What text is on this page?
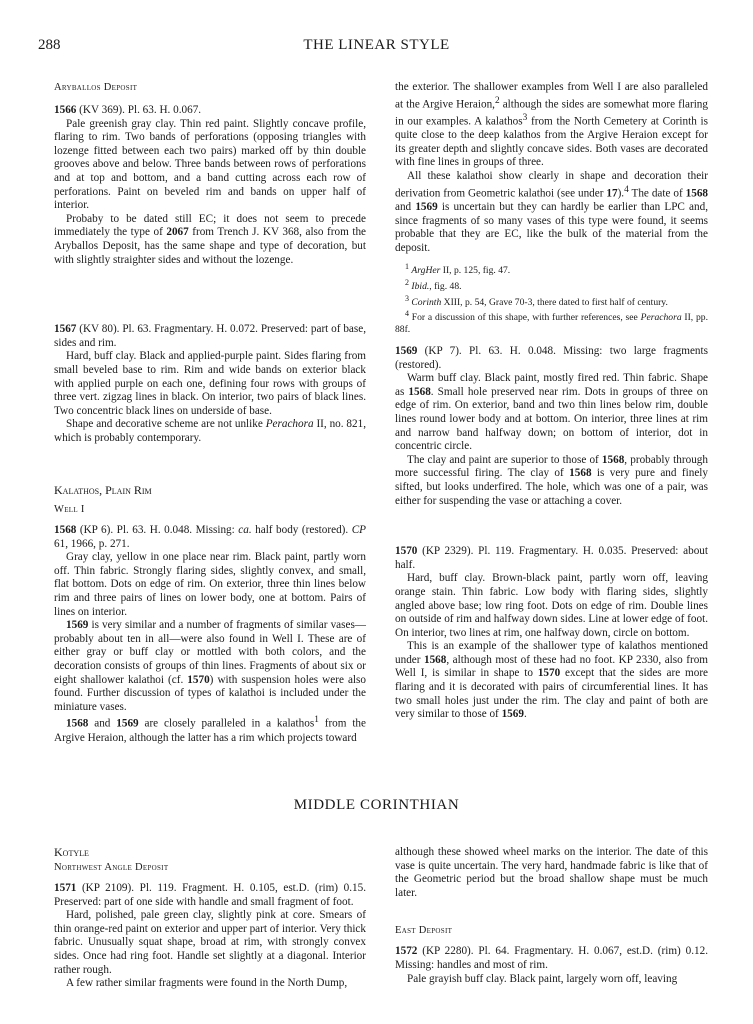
288	THE LINEAR STYLE

Aryballos Deposit

1566 (KV 369). Pl. 63. H. 0.067.

Pale greenish gray clay. Thin red paint. Slightly concave profile, flaring to rim. Two bands of perforations (opposing triangles with lozenge fitted between each two pairs) marked off by thin double grooves above and below. Three bands between rows of perforations and at top and bottom, and a band cutting across each row of perforations. Paint on beveled rim and bands on upper half of interior.

Probaby to be dated still EC; it does not seem to precede immediately the type of 2067 from Trench J. KV 368, also from the Aryballos Deposit, has the same shape and type of decoration, but with slightly straighter sides and without the lozenge.

1567 (KV 80). Pl. 63. Fragmentary. H. 0.072. Preserved: part of base, sides and rim.

Hard, buff clay. Black and applied-purple paint. Sides flaring from small beveled base to rim. Rim and wide bands on exterior black with applied purple on each one, defining four rows with groups of three vert. zigzag lines in black. On interior, two pairs of black lines. Two concentric black lines on underside of base.

Shape and decorative scheme are not unlike Perachora II, no. 821, which is probably contemporary.

Kalathos, Plain Rim

Well I

1568 (KP 6). Pl. 63. H. 0.048. Missing: ca. half body (restored). CP 61, 1966, p. 271.

Gray clay, yellow in one place near rim. Black paint, partly worn off. Thin fabric. Strongly flaring sides, slightly convex, and small, flat bottom. Dots on edge of rim. On exterior, three thin lines below rim and three pairs of lines on lower body, one at bottom. Pairs of lines on interior.

1569 is very similar and a number of fragments of similar vases—probably about ten in all—were also found in Well I. These are of either gray or buff clay or mottled with both colors, and the decoration consists of groups of thin lines. Fragments of about six or eight shallower kalathoi (cf. 1570) with suspension holes were also found. Further discussion of types of kalathoi is included under the miniature vases.

1568 and 1569 are closely paralleled in a kalathos$^1$ from the Argive Heraion, although the latter has a rim which projects toward

the exterior. The shallower examples from Well I are also paralleled at the Argive Heraion,$^2$ although the sides are somewhat more flaring in our examples. A kalathos$^3$ from the North Cemetery at Corinth is quite close to the deep kalathos from the Argive Heraion except for its greater depth and slightly concave sides. Both vases are decorated with fine lines in groups of three.

All these kalathoi show clearly in shape and decoration their derivation from Geometric kalathoi (see under 17).$^4$ The date of 1568 and 1569 is uncertain but they can hardly be earlier than LPC and, since fragments of so many vases of this type were found, it seems probable that they are EC, like the bulk of the material from the deposit.

$^1$ ArgHer II, p. 125, fig. 47.

$^2$ Ibid., fig. 48.

$^3$ Corinth XIII, p. 54, Grave 70-3, there dated to first half of century.

$^4$ For a discussion of this shape, with further references, see Perachora II, pp. 88f.

1569 (KP 7). Pl. 63. H. 0.048. Missing: two large fragments (restored).

Warm buff clay. Black paint, mostly fired red. Thin fabric. Shape as 1568. Small hole preserved near rim. Dots in groups of three on edge of rim. On exterior, band and two thin lines below rim, double lines round lower body and at bottom. On interior, three lines at rim and narrow band halfway down; on bottom of interior, dot in concentric circle.

The clay and paint are superior to those of 1568, probably through more successful firing. The clay of 1568 is very pure and finely sifted, but looks underfired. The hole, which was one of a pair, was either for suspending the vase or attaching a cover.

1570 (KP 2329). Pl. 119. Fragmentary. H. 0.035. Preserved: about half.

Hard, buff clay. Brown-black paint, partly worn off, leaving orange stain. Thin fabric. Low body with flaring sides, slightly angled above base; low ring foot. Dots on edge of rim. Double lines on outside of rim and halfway down sides. Line at lower edge of foot. On interior, two lines at rim, one halfway down, circle on bottom.

This is an example of the shallower type of kalathos mentioned under 1568, although most of these had no foot. KP 2330, also from Well I, is similar in shape to 1570 except that the sides are more flaring and it is decorated with pairs of circumferential lines. It has two small holes just under the rim. The clay and paint of both are very similar to those of 1569.

MIDDLE CORINTHIAN

Kotyle

Northwest Angle Deposit

1571 (KP 2109). Pl. 119. Fragment. H. 0.105, est.D. (rim) 0.15. Preserved: part of one side with handle and small fragment of foot.

Hard, polished, pale green clay, slightly pink at core. Smears of thin orange-red paint on exterior and upper part of interior. Very thick fabric. Unusually squat shape, broad at rim, with strongly convex sides. Once had ring foot. Handle set slightly at a diagonal. Interior rather rough.

A few rather similar fragments were found in the North Dump,

although these showed wheel marks on the interior. The date of this vase is quite uncertain. The very hard, handmade fabric is like that of the Geometric period but the broad shallow shape must be much later.

East Deposit

1572 (KP 2280). Pl. 64. Fragmentary. H. 0.067, est.D. (rim) 0.12. Missing: handles and most of rim.

Pale grayish buff clay. Black paint, largely worn off, leaving
